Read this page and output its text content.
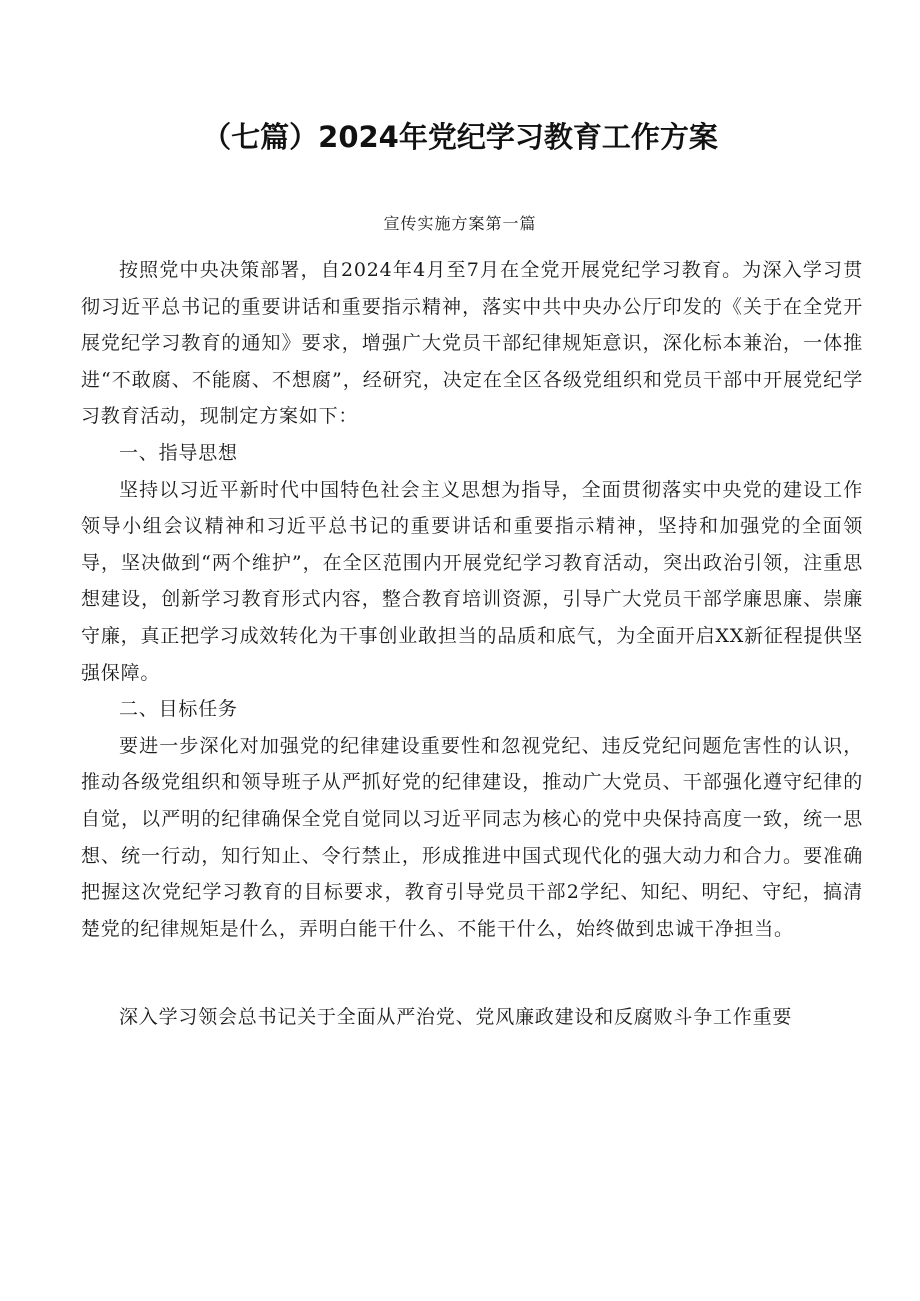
（七篇）2024年党纪学习教育工作方案
宣传实施方案第一篇

按照党中央决策部署，自2024年4月至7月在全党开展党纪学习教育。为深入学习贯彻习近平总书记的重要讲话和重要指示精神，落实中共中央办公厅印发的《关于在全党开展党纪学习教育的通知》要求，增强广大党员干部纪律规矩意识，深化标本兼治，一体推进“不敢腐、不能腐、不想腐”，经研究，决定在全区各级党组织和党员干部中开展党纪学习教育活动，现制定方案如下：

一、指导思想

坚持以习近平新时代中国特色社会主义思想为指导，全面贯彻落实中央党的建设工作领导小组会议精神和习近平总书记的重要讲话和重要指示精神，坚持和加强党的全面领导，坚决做到“两个维护”，在全区范围内开展党纪学习教育活动，突出政治引领，注重思想建设，创新学习教育形式内容，整合教育培训资源，引导广大党员干部学廉思廉、崇廉守廉，真正把学习成效转化为干事创业敢担当的品质和底气，为全面开启XX新征程提供坚强保障。

二、目标任务

要进一步深化对加强党的纪律建设重要性和忽视党纪、违反党纪问题危害性的认识，推动各级党组织和领导班子从严抓好党的纪律建设，推动广大党员、干部强化遵守纪律的自觉，以严明的纪律确保全党自觉同以习近平同志为核心的党中央保持高度一致，统一思想、统一行动，知行知止、令行禁止，形成推进中国式现代化的强大动力和合力。要准确把握这次党纪学习教育的目标要求，教育引导党员干部2学纪、知纪、明纪、守纪，搞清楚党的纪律规矩是什么，弄明白能干什么、不能干什么，始终做到忠诚干净担当。

深入学习领会总书记关于全面从严治党、党风廉政建设和反腐败斗争工作重要
